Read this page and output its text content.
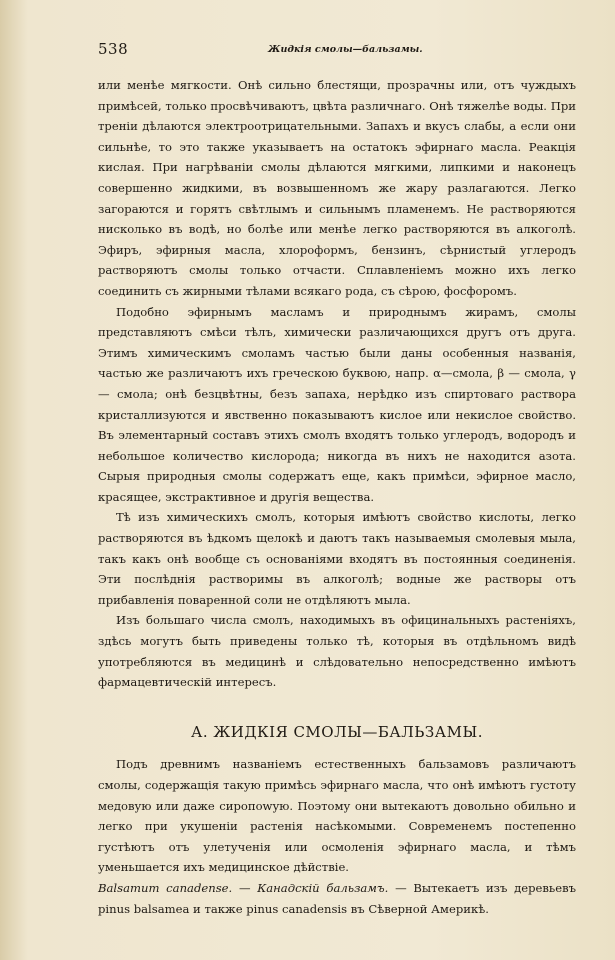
538	Жидкія смолы—бальзамы.

или менѣе мягкости. Онѣ сильно блестящи, прозрачны или, отъ чуждыхъ примѣсей, только просвѣчиваютъ, цвѣта различнаго. Онѣ тяжелѣе воды. При треніи дѣлаются электроотрицательными. Запахъ и вкусъ слабы, а если они сильнѣе, то это также указываетъ на остатокъ эфирнаго масла. Реакція кислая. При нагрѣваніи смолы дѣлаются мягкими, липкими и наконецъ совершенно жидкими, въ возвышенномъ же жару разлагаются. Легко загораются и горятъ свѣтлымъ и сильнымъ пламенемъ. Не растворяются нисколько въ водѣ, но болѣе или менѣе легко растворяются въ алкоголѣ. Эфиръ, эфирныя масла, хлороформъ, бензинъ, сѣрнистый углеродъ растворяютъ смолы только отчасти. Сплавленіемъ можно ихъ легко соединить съ жирными тѣлами всякаго рода, съ сѣрою, фосфоромъ.

Подобно эфирнымъ масламъ и природнымъ жирамъ, смолы представляютъ смѣси тѣлъ, химически различающихся другъ отъ друга. Этимъ химическимъ смоламъ частью были даны особенныя названія, частью же различаютъ ихъ греческою буквою, напр. α—смола, β — смола, γ — смола; онѣ безцвѣтны, безъ запаха, нерѣдко изъ спиртоваго раствора кристаллизуются и явственно показываютъ кислое или некислое свойство. Въ элементарный составъ этихъ смолъ входятъ только углеродъ, водородъ и небольшое количество кислорода; никогда въ нихъ не находится азота. Сырыя природныя смолы содержатъ еще, какъ примѣси, эфирное масло, красящее, экстрактивное и другія вещества.

Тѣ изъ химическихъ смолъ, которыя имѣютъ свойство кислоты, легко растворяются въ ѣдкомъ щелокѣ и даютъ такъ называемыя смолевыя мыла, такъ какъ онѣ вообще съ основаніями входятъ въ постоянныя соединенія. Эти послѣднія растворимы въ алкоголѣ; водные же растворы отъ прибавленія поваренной соли не отдѣляютъ мыла.

Изъ большаго числа смолъ, находимыхъ въ официнальныхъ растеніяхъ, здѣсь могутъ быть приведены только тѣ, которыя въ отдѣльномъ видѣ употребляются въ медицинѣ и слѣдовательно непосредственно имѣютъ фармацевтическій интересъ.

А. ЖИДКІЯ СМОЛЫ—БАЛЬЗАМЫ.

Подъ древнимъ названіемъ естественныхъ бальзамовъ различаютъ смолы, содержащія такую примѣсь эфирнаго масла, что онѣ имѣютъ густоту медовую или даже сиропowую. Поэтому они вытекаютъ довольно обильно и легко при укушеніи растенія насѣкомыми. Современемъ постепенно густѣютъ отъ улетученія или осмоленія эфирнаго масла, и тѣмъ уменьшается ихъ медицинское дѣйствіе.

Balsamum canadense. — Канадскій бальзамъ. — Вытекаетъ изъ деревьевъ pinus balsamea и также pinus canadensis въ Сѣверной Америкѣ.
